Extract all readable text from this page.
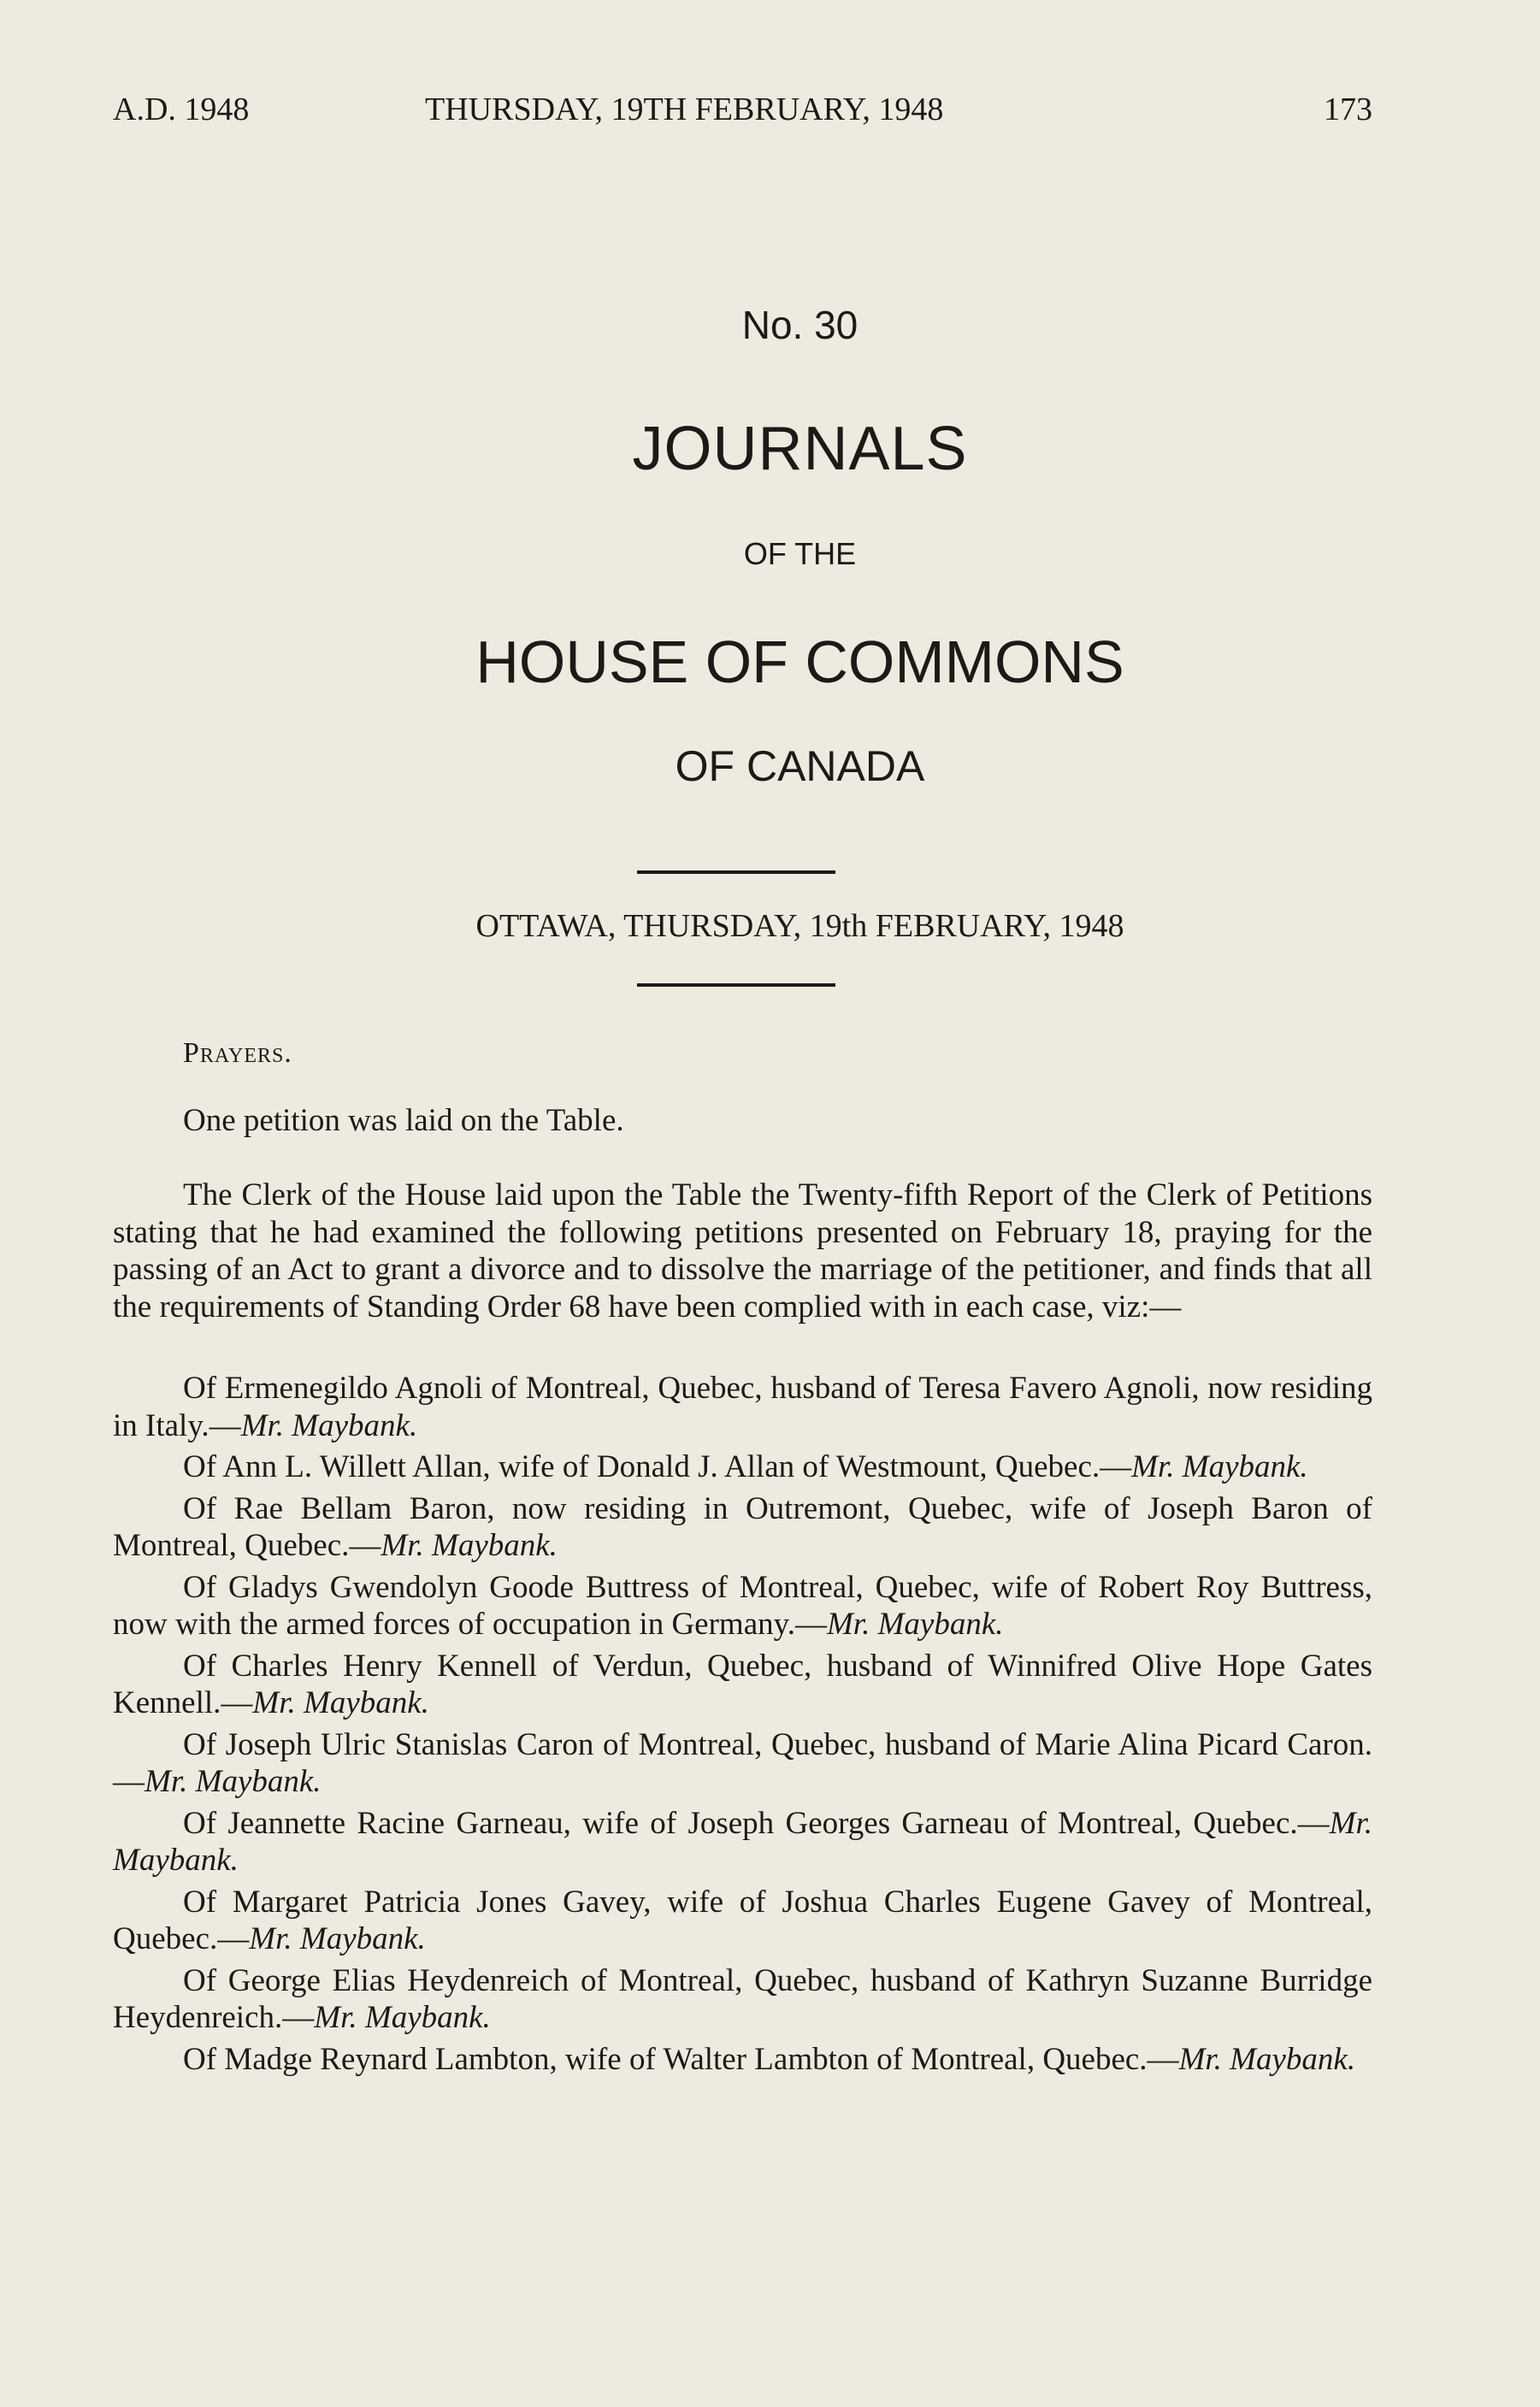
A.D. 1948	THURSDAY, 19TH FEBRUARY, 1948	173
No. 30
JOURNALS
OF THE
HOUSE OF COMMONS
OF CANADA
OTTAWA, THURSDAY, 19th FEBRUARY, 1948
Prayers.

One petition was laid on the Table.

The Clerk of the House laid upon the Table the Twenty-fifth Report of the Clerk of Petitions stating that he had examined the following petitions presented on February 18, praying for the passing of an Act to grant a divorce and to dissolve the marriage of the petitioner, and finds that all the requirements of Standing Order 68 have been complied with in each case, viz:—

Of Ermenegildo Agnoli of Montreal, Quebec, husband of Teresa Favero Agnoli, now residing in Italy.—Mr. Maybank.

Of Ann L. Willett Allan, wife of Donald J. Allan of Westmount, Quebec.—Mr. Maybank.

Of Rae Bellam Baron, now residing in Outremont, Quebec, wife of Joseph Baron of Montreal, Quebec.—Mr. Maybank.

Of Gladys Gwendolyn Goode Buttress of Montreal, Quebec, wife of Robert Roy Buttress, now with the armed forces of occupation in Germany.—Mr. Maybank.

Of Charles Henry Kennell of Verdun, Quebec, husband of Winnifred Olive Hope Gates Kennell.—Mr. Maybank.

Of Joseph Ulric Stanislas Caron of Montreal, Quebec, husband of Marie Alina Picard Caron.—Mr. Maybank.

Of Jeannette Racine Garneau, wife of Joseph Georges Garneau of Montreal, Quebec.—Mr. Maybank.

Of Margaret Patricia Jones Gavey, wife of Joshua Charles Eugene Gavey of Montreal, Quebec.—Mr. Maybank.

Of George Elias Heydenreich of Montreal, Quebec, husband of Kathryn Suzanne Burridge Heydenreich.—Mr. Maybank.

Of Madge Reynard Lambton, wife of Walter Lambton of Montreal, Quebec.—Mr. Maybank.
